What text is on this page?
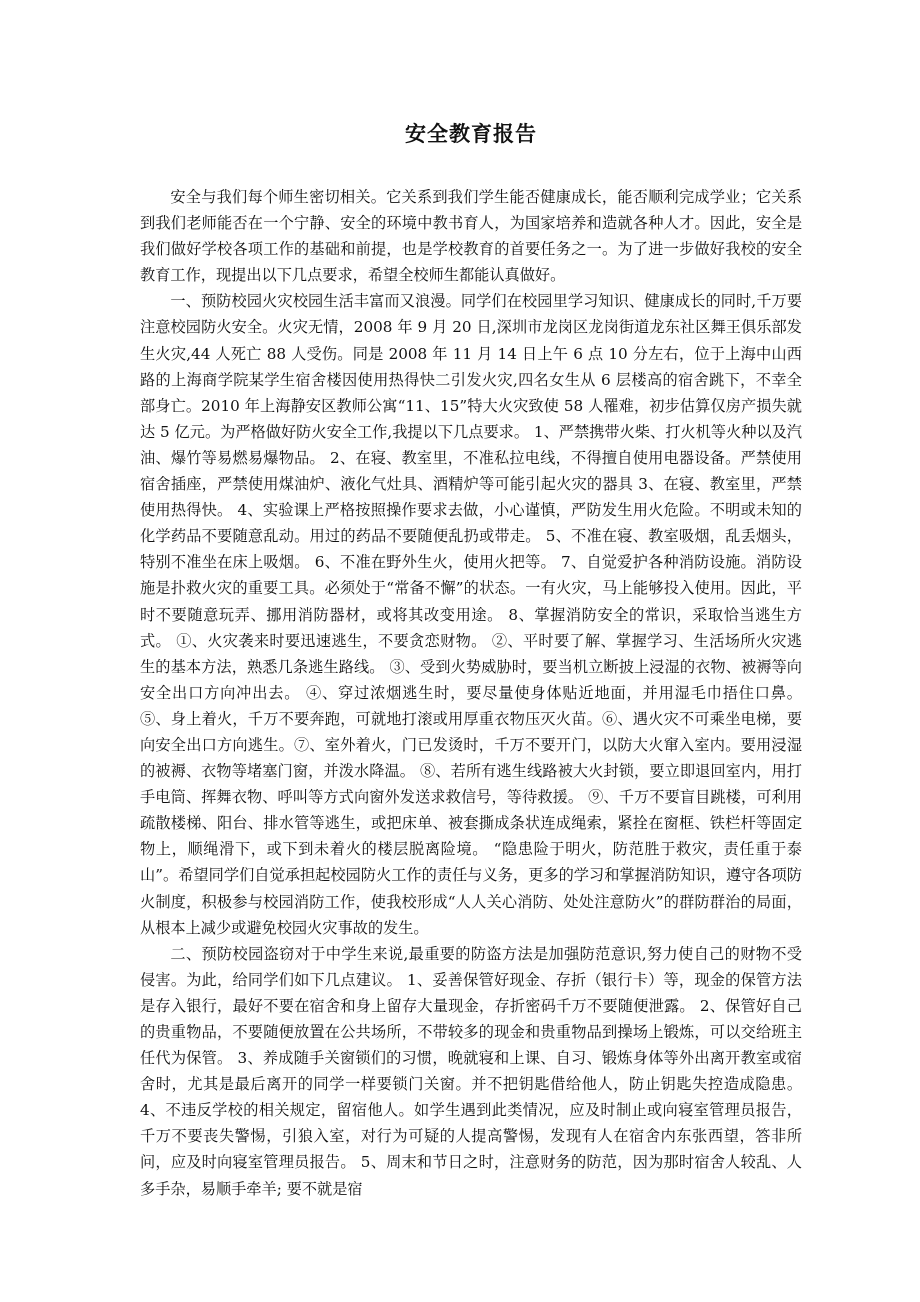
安全教育报告

安全与我们每个师生密切相关。它关系到我们学生能否健康成长，能否顺利完成学业；它关系到我们老师能否在一个宁静、安全的环境中教书育人，为国家培养和造就各种人才。因此，安全是我们做好学校各项工作的基础和前提，也是学校教育的首要任务之一。为了进一步做好我校的安全教育工作，现提出以下几点要求，希望全校师生都能认真做好。

一、预防校园火灾校园生活丰富而又浪漫。同学们在校园里学习知识、健康成长的同时,千万要注意校园防火安全。火灾无情，2008 年 9 月 20 日,深圳市龙岗区龙岗街道龙东社区舞王俱乐部发生火灾,44 人死亡 88 人受伤。同是 2008 年 11 月 14 日上午 6 点 10 分左右，位于上海中山西路的上海商学院某学生宿舍楼因使用热得快二引发火灾,四名女生从 6 层楼高的宿舍跳下，不幸全部身亡。2010 年上海静安区教师公寓“11、15”特大火灾致使 58 人罹难，初步估算仅房产损失就达 5 亿元。为严格做好防火安全工作,我提以下几点要求。 1、严禁携带火柴、打火机等火种以及汽油、爆竹等易燃易爆物品。 2、在寝、教室里，不准私拉电线，不得擅自使用电器设备。严禁使用宿舍插座，严禁使用煤油炉、液化气灶具、酒精炉等可能引起火灾的器具 3、在寝、教室里，严禁使用热得快。 4、实验课上严格按照操作要求去做，小心谨慎，严防发生用火危险。不明或未知的化学药品不要随意乱动。用过的药品不要随便乱扔或带走。 5、不准在寝、教室吸烟，乱丢烟头，特别不准坐在床上吸烟。 6、不准在野外生火，使用火把等。 7、自觉爱护各种消防设施。消防设施是扑救火灾的重要工具。必须处于“常备不懈”的状态。一有火灾，马上能够投入使用。因此，平时不要随意玩弄、挪用消防器材，或将其改变用途。 8、掌握消防安全的常识，采取恰当逃生方式。 ①、火灾袭来时要迅速逃生，不要贪恋财物。 ②、平时要了解、掌握学习、生活场所火灾逃生的基本方法，熟悉几条逃生路线。 ③、受到火势威胁时，要当机立断披上浸湿的衣物、被褥等向安全出口方向冲出去。 ④、穿过浓烟逃生时，要尽量使身体贴近地面，并用湿毛巾捂住口鼻。 ⑤、身上着火，千万不要奔跑，可就地打滚或用厚重衣物压灭火苗。⑥、遇火灾不可乘坐电梯，要向安全出口方向逃生。⑦、室外着火，门已发烫时，千万不要开门，以防大火窜入室内。要用浸湿的被褥、衣物等堵塞门窗，并泼水降温。 ⑧、若所有逃生线路被大火封锁，要立即退回室内，用打手电筒、挥舞衣物、呼叫等方式向窗外发送求救信号，等待救援。 ⑨、千万不要盲目跳楼，可利用疏散楼梯、阳台、排水管等逃生，或把床单、被套撕成条状连成绳索，紧拴在窗框、铁栏杆等固定物上，顺绳滑下，或下到未着火的楼层脱离险境。 “隐患险于明火，防范胜于救灾，责任重于泰山”。希望同学们自觉承担起校园防火工作的责任与义务，更多的学习和掌握消防知识，遵守各项防火制度，积极参与校园消防工作，使我校形成“人人关心消防、处处注意防火”的群防群治的局面，从根本上减少或避免校园火灾事故的发生。

二、预防校园盗窃对于中学生来说,最重要的防盗方法是加强防范意识,努力使自己的财物不受侵害。为此，给同学们如下几点建议。 1、妥善保管好现金、存折（银行卡）等，现金的保管方法是存入银行，最好不要在宿舍和身上留存大量现金，存折密码千万不要随便泄露。 2、保管好自己的贵重物品，不要随便放置在公共场所，不带较多的现金和贵重物品到操场上锻炼，可以交给班主任代为保管。 3、养成随手关窗锁们的习惯，晚就寝和上课、自习、锻炼身体等外出离开教室或宿舍时，尤其是最后离开的同学一样要锁门关窗。并不把钥匙借给他人，防止钥匙失控造成隐患。 4、不违反学校的相关规定，留宿他人。如学生遇到此类情况，应及时制止或向寝室管理员报告，千万不要丧失警惕，引狼入室，对行为可疑的人提高警惕，发现有人在宿舍内东张西望，答非所问，应及时向寝室管理员报告。 5、周末和节日之时，注意财务的防范，因为那时宿舍人较乱、人多手杂，易顺手牵羊; 要不就是宿
